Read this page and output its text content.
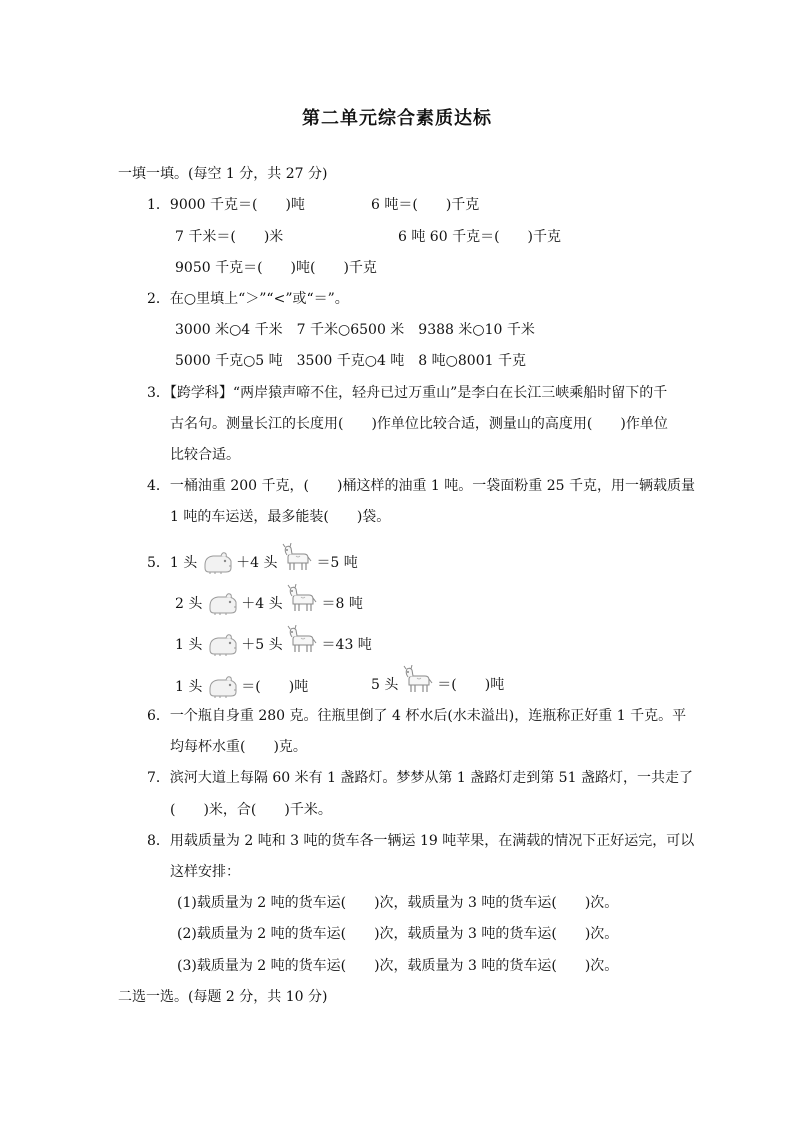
第二单元综合素质达标
一填一填。(每空 1 分，共 27 分)
1．9000 千克＝(　　)吨	6 吨＝(　　)千克
7 千米＝(　　)米	6 吨 60 千克＝(　　)千克
9050 千克＝(　　)吨(　　)千克
2．在○里填上“＞”“<”或“＝”。
3000 米○4 千米　7 千米○6500 米　9388 米○10 千米
5000 千克○5 吨　3500 千克○4 吨　8 吨○8001 千克
3．【跨学科】“两岸猿声啼不住，轻舟已过万重山”是李白在长江三峡乘船时留下的千
古名句。测量长江的长度用(　　)作单位比较合适，测量山的高度用(　　)作单位
比较合适。
4．一桶油重 200 千克，(　　)桶这样的油重 1 吨。一袋面粉重 25 千克，用一辆载质量
1 吨的车运送，最多能装(　　)袋。
5．1 头	＋4 头	＝5 吨
2 头	＋4 头	＝8 吨
1 头	＋5 头	＝43 吨
1 头	＝(　　)吨	5 头	＝(　　)吨
6．一个瓶自身重 280 克。往瓶里倒了 4 杯水后(水未溢出)，连瓶称正好重 1 千克。平
均每杯水重(　　)克。
7．滨河大道上每隔 60 米有 1 盏路灯。梦梦从第 1 盏路灯走到第 51 盏路灯，一共走了
(　　)米，合(　　)千米。
8．用载质量为 2 吨和 3 吨的货车各一辆运 19 吨苹果，在满载的情况下正好运完，可以
这样安排：
(1)载质量为 2 吨的货车运(　　)次，载质量为 3 吨的货车运(　　)次。
(2)载质量为 2 吨的货车运(　　)次，载质量为 3 吨的货车运(　　)次。
(3)载质量为 2 吨的货车运(　　)次，载质量为 3 吨的货车运(　　)次。
二选一选。(每题 2 分，共 10 分)
